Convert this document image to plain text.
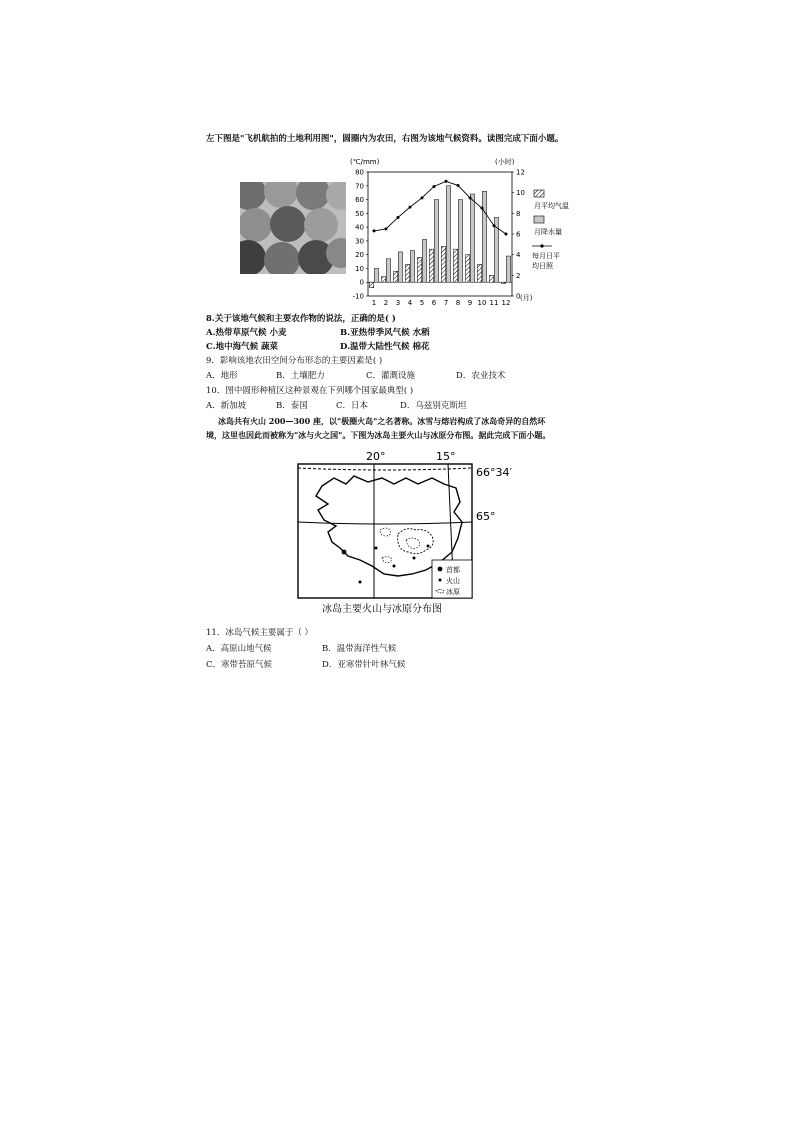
左下图是"飞机航拍的土地利用图"，圆圈内为农田，右图为该地气候资料。读图完成下面小题。
(℃/mm)	(小时)
(月)
80
70
60
50
40
30
20
10
0
-10
12
10
8
6
4
2
0
1 2 3 4 5 6 7 8 9 10 11 12
月平均气温
月降水量
每月日平
均日照
8.关于该地气候和主要农作物的说法，正确的是( )
A.热带草原气候 小麦	B.亚热带季风气候 水稻
C.地中海气候 蔬菜	D.温带大陆性气候 棉花
9．影响该地农田空间分布形态的主要因素是( )
A．地形	B．土壤肥力	C．灌溉设施	D．农业技术
10．图中圆形种植区这种景观在下列哪个国家最典型( )
A．新加坡	B．泰国	C．日本	D．乌兹别克斯坦
冰岛共有火山 200—300 座，以"极圈火岛"之名著称。冰雪与熔岩构成了冰岛奇异的自然环
境，这里也因此而被称为"冰与火之国"。下图为冰岛主要火山与冰原分布图。据此完成下面小题。
20°	15°
66°34′
65°
首都
火山
冰原
冰岛主要火山与冰原分布图
11．冰岛气候主要属于（ ）
A．高原山地气候	B．温带海洋性气候
C．寒带苔原气候	D．亚寒带针叶林气候
